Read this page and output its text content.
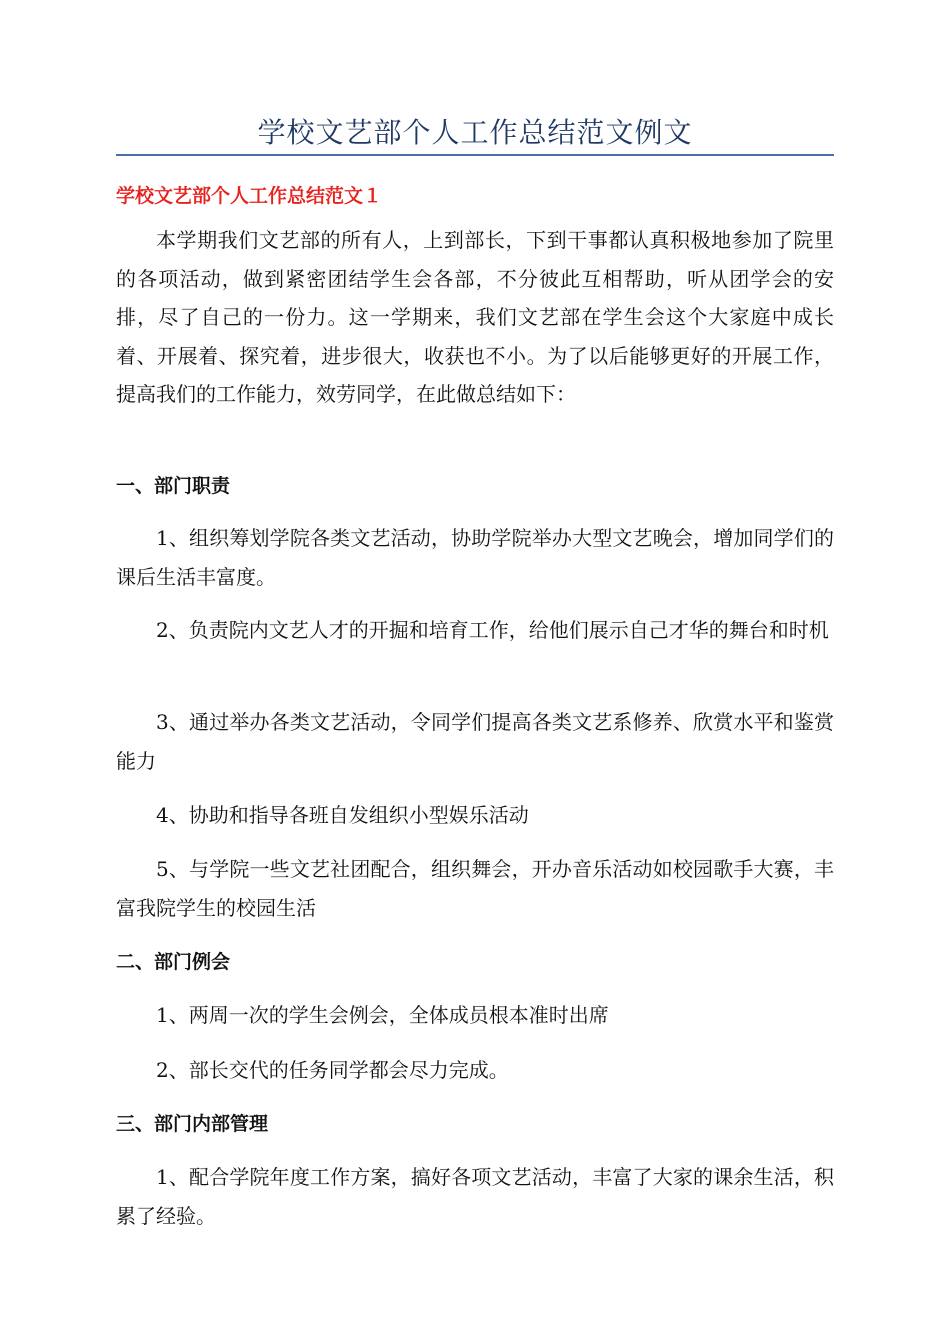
学校文艺部个人工作总结范文例文
学校文艺部个人工作总结范文１

本学期我们文艺部的所有人，上到部长，下到干事都认真积极地参加了院里的各项活动，做到紧密团结学生会各部，不分彼此互相帮助，听从团学会的安排，尽了自己的一份力。这一学期来，我们文艺部在学生会这个大家庭中成长着、开展着、探究着，进步很大，收获也不小。为了以后能够更好的开展工作，提高我们的工作能力，效劳同学，在此做总结如下：

一、部门职责

1、组织筹划学院各类文艺活动，协助学院举办大型文艺晚会，增加同学们的课后生活丰富度。

2、负责院内文艺人才的开掘和培育工作，给他们展示自己才华的舞台和时机

3、通过举办各类文艺活动，令同学们提高各类文艺系修养、欣赏水平和鉴赏能力

4、协助和指导各班自发组织小型娱乐活动

5、与学院一些文艺社团配合，组织舞会，开办音乐活动如校园歌手大赛，丰富我院学生的校园生活

二、部门例会

1、两周一次的学生会例会，全体成员根本准时出席

2、部长交代的任务同学都会尽力完成。

三、部门内部管理

1、配合学院年度工作方案，搞好各项文艺活动，丰富了大家的课余生活，积累了经验。
